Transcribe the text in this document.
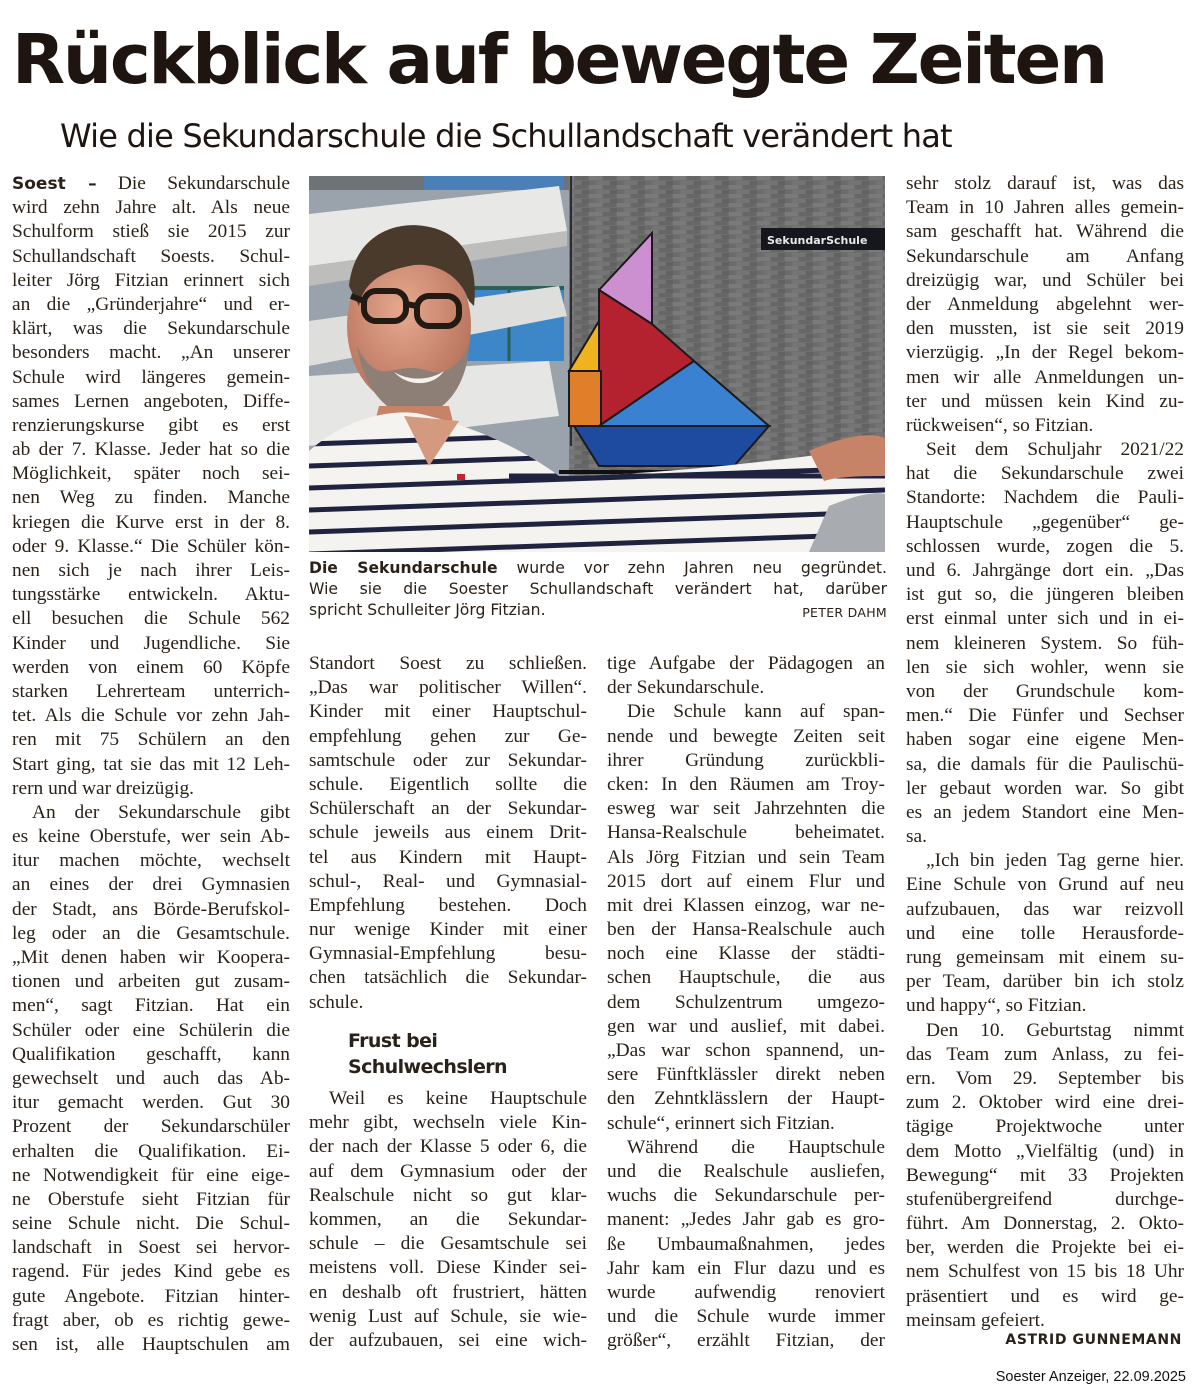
Rückblick auf bewegte Zeiten
Wie die Sekundarschule die Schullandschaft verändert hat
Soest – Die Sekundarschule
wird zehn Jahre alt. Als neue
Schulform stieß sie 2015 zur
Schullandschaft Soests. Schul-
leiter Jörg Fitzian erinnert sich
an die „Gründerjahre“ und er-
klärt, was die Sekundarschule
besonders macht. „An unserer
Schule wird längeres gemein-
sames Lernen angeboten, Diffe-
renzierungskurse gibt es erst
ab der 7. Klasse. Jeder hat so die
Möglichkeit, später noch sei-
nen Weg zu finden. Manche
kriegen die Kurve erst in der 8.
oder 9. Klasse.“ Die Schüler kön-
nen sich je nach ihrer Leis-
tungsstärke entwickeln. Aktu-
ell besuchen die Schule 562
Kinder und Jugendliche. Sie
werden von einem 60 Köpfe
starken Lehrerteam unterrich-
tet. Als die Schule vor zehn Jah-
ren mit 75 Schülern an den
Start ging, tat sie das mit 12 Leh-
rern und war dreizügig.
An der Sekundarschule gibt
es keine Oberstufe, wer sein Ab-
itur machen möchte, wechselt
an eines der drei Gymnasien
der Stadt, ans Börde-Berufskol-
leg oder an die Gesamtschule.
„Mit denen haben wir Koopera-
tionen und arbeiten gut zusam-
men“, sagt Fitzian. Hat ein
Schüler oder eine Schülerin die
Qualifikation geschafft, kann
gewechselt und auch das Ab-
itur gemacht werden. Gut 30
Prozent der Sekundarschüler
erhalten die Qualifikation. Ei-
ne Notwendigkeit für eine eige-
ne Oberstufe sieht Fitzian für
seine Schule nicht. Die Schul-
landschaft in Soest sei hervor-
ragend. Für jedes Kind gebe es
gute Angebote. Fitzian hinter-
fragt aber, ob es richtig gewe-
sen ist, alle Hauptschulen am
SekundarSchule
Die Sekundarschule wurde vor zehn Jahren neu gegründet.
Wie sie die Soester Schullandschaft verändert hat, darüber
spricht Schulleiter Jörg Fitzian.	PETER DAHM
Standort Soest zu schließen.
„Das war politischer Willen“.
Kinder mit einer Hauptschul-
empfehlung gehen zur Ge-
samtschule oder zur Sekundar-
schule. Eigentlich sollte die
Schülerschaft an der Sekundar-
schule jeweils aus einem Drit-
tel aus Kindern mit Haupt-
schul-, Real- und Gymnasial-
Empfehlung bestehen. Doch
nur wenige Kinder mit einer
Gymnasial-Empfehlung besu-
chen tatsächlich die Sekundar-
schule.
Frust bei
Schulwechslern
Weil es keine Hauptschule
mehr gibt, wechseln viele Kin-
der nach der Klasse 5 oder 6, die
auf dem Gymnasium oder der
Realschule nicht so gut klar-
kommen, an die Sekundar-
schule – die Gesamtschule sei
meistens voll. Diese Kinder sei-
en deshalb oft frustriert, hätten
wenig Lust auf Schule, sie wie-
der aufzubauen, sei eine wich-
tige Aufgabe der Pädagogen an
der Sekundarschule.
Die Schule kann auf span-
nende und bewegte Zeiten seit
ihrer Gründung zurückbli-
cken: In den Räumen am Troy-
esweg war seit Jahrzehnten die
Hansa-Realschule beheimatet.
Als Jörg Fitzian und sein Team
2015 dort auf einem Flur und
mit drei Klassen einzog, war ne-
ben der Hansa-Realschule auch
noch eine Klasse der städti-
schen Hauptschule, die aus
dem Schulzentrum umgezo-
gen war und auslief, mit dabei.
„Das war schon spannend, un-
sere Fünftklässler direkt neben
den Zehntklässlern der Haupt-
schule“, erinnert sich Fitzian.
Während die Hauptschule
und die Realschule ausliefen,
wuchs die Sekundarschule per-
manent: „Jedes Jahr gab es gro-
ße Umbaumaßnahmen, jedes
Jahr kam ein Flur dazu und es
wurde aufwendig renoviert
und die Schule wurde immer
größer“, erzählt Fitzian, der
sehr stolz darauf ist, was das
Team in 10 Jahren alles gemein-
sam geschafft hat. Während die
Sekundarschule am Anfang
dreizügig war, und Schüler bei
der Anmeldung abgelehnt wer-
den mussten, ist sie seit 2019
vierzügig. „In der Regel bekom-
men wir alle Anmeldungen un-
ter und müssen kein Kind zu-
rückweisen“, so Fitzian.
Seit dem Schuljahr 2021/22
hat die Sekundarschule zwei
Standorte: Nachdem die Pauli-
Hauptschule „gegenüber“ ge-
schlossen wurde, zogen die 5.
und 6. Jahrgänge dort ein. „Das
ist gut so, die jüngeren bleiben
erst einmal unter sich und in ei-
nem kleineren System. So füh-
len sie sich wohler, wenn sie
von der Grundschule kom-
men.“ Die Fünfer und Sechser
haben sogar eine eigene Men-
sa, die damals für die Paulischü-
ler gebaut worden war. So gibt
es an jedem Standort eine Men-
sa.
„Ich bin jeden Tag gerne hier.
Eine Schule von Grund auf neu
aufzubauen, das war reizvoll
und eine tolle Herausforde-
rung gemeinsam mit einem su-
per Team, darüber bin ich stolz
und happy“, so Fitzian.
Den 10. Geburtstag nimmt
das Team zum Anlass, zu fei-
ern. Vom 29. September bis
zum 2. Oktober wird eine drei-
tägige Projektwoche unter
dem Motto „Vielfältig (und) in
Bewegung“ mit 33 Projekten
stufenübergreifend durchge-
führt. Am Donnerstag, 2. Okto-
ber, werden die Projekte bei ei-
nem Schulfest von 15 bis 18 Uhr
präsentiert und es wird ge-
meinsam gefeiert.
ASTRID GUNNEMANN
Soester Anzeiger, 22.09.2025
